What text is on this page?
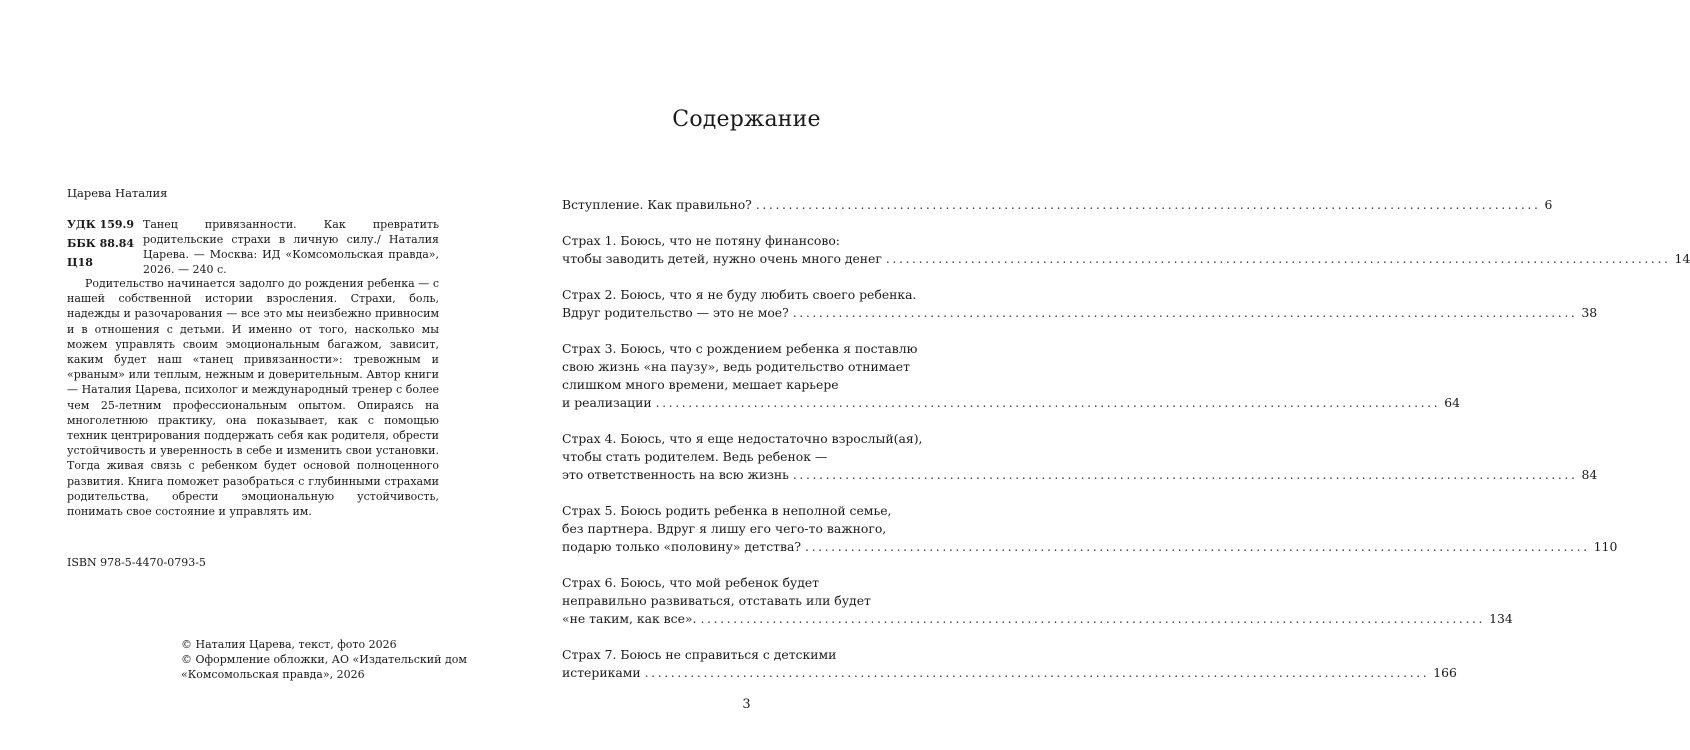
Царева Наталия
УДК 159.9
ББК 88.84
Ц18
Танец привязанности. Как превратить родительские страхи в личную силу./ Наталия Царева. — Москва: ИД «Комсомольская правда», 2026. — 240 с.
Родительство начинается задолго до рождения ребенка — с нашей собственной истории взросления. Страхи, боль, надежды и разочарования — все это мы неизбежно привносим и в отношения с детьми. И именно от того, насколько мы можем управлять своим эмоциональным багажом, зависит, каким будет наш «танец привязанности»: тревожным и «рваным» или теплым, нежным и доверительным. Автор книги — Наталия Царева, психолог и международный тренер с более чем 25-летним профессиональным опытом. Опираясь на многолетнюю практику, она показывает, как с помощью техник центрирования поддержать себя как родителя, обрести устойчивость и уверенность в себе и изменить свои установки. Тогда живая связь с ребенком будет основой полноценного развития. Книга поможет разобраться с глубинными страхами родительства, обрести эмоциональную устойчивость, понимать свое состояние и управлять им.
ISBN 978-5-4470-0793-5
© Наталия Царева, текст, фото 2026
© Оформление обложки, АО «Издательский дом
«Комсомольская правда», 2026
Содержание
Вступление. Как правильно? ........................................................................................................................ 6
Страх 1. Боюсь, что не потяну финансово:
чтобы заводить детей, нужно очень много денег ........................................................................................................................ 14
Страх 2. Боюсь, что я не буду любить своего ребенка.
Вдруг родительство — это не мое? ........................................................................................................................ 38
Страх 3. Боюсь, что с рождением ребенка я поставлю
свою жизнь «на паузу», ведь родительство отнимает
слишком много времени, мешает карьере
и реализации ........................................................................................................................ 64
Страх 4. Боюсь, что я еще недостаточно взрослый(ая),
чтобы стать родителем. Ведь ребенок —
это ответственность на всю жизнь ........................................................................................................................ 84
Страх 5. Боюсь родить ребенка в неполной семье,
без партнера. Вдруг я лишу его чего-то важного,
подарю только «половину» детства? ........................................................................................................................ 110
Страх 6. Боюсь, что мой ребенок будет
неправильно развиваться, отставать или будет
«не таким, как все». ........................................................................................................................ 134
Страх 7. Боюсь не справиться с детскими
истериками ........................................................................................................................ 166
3
